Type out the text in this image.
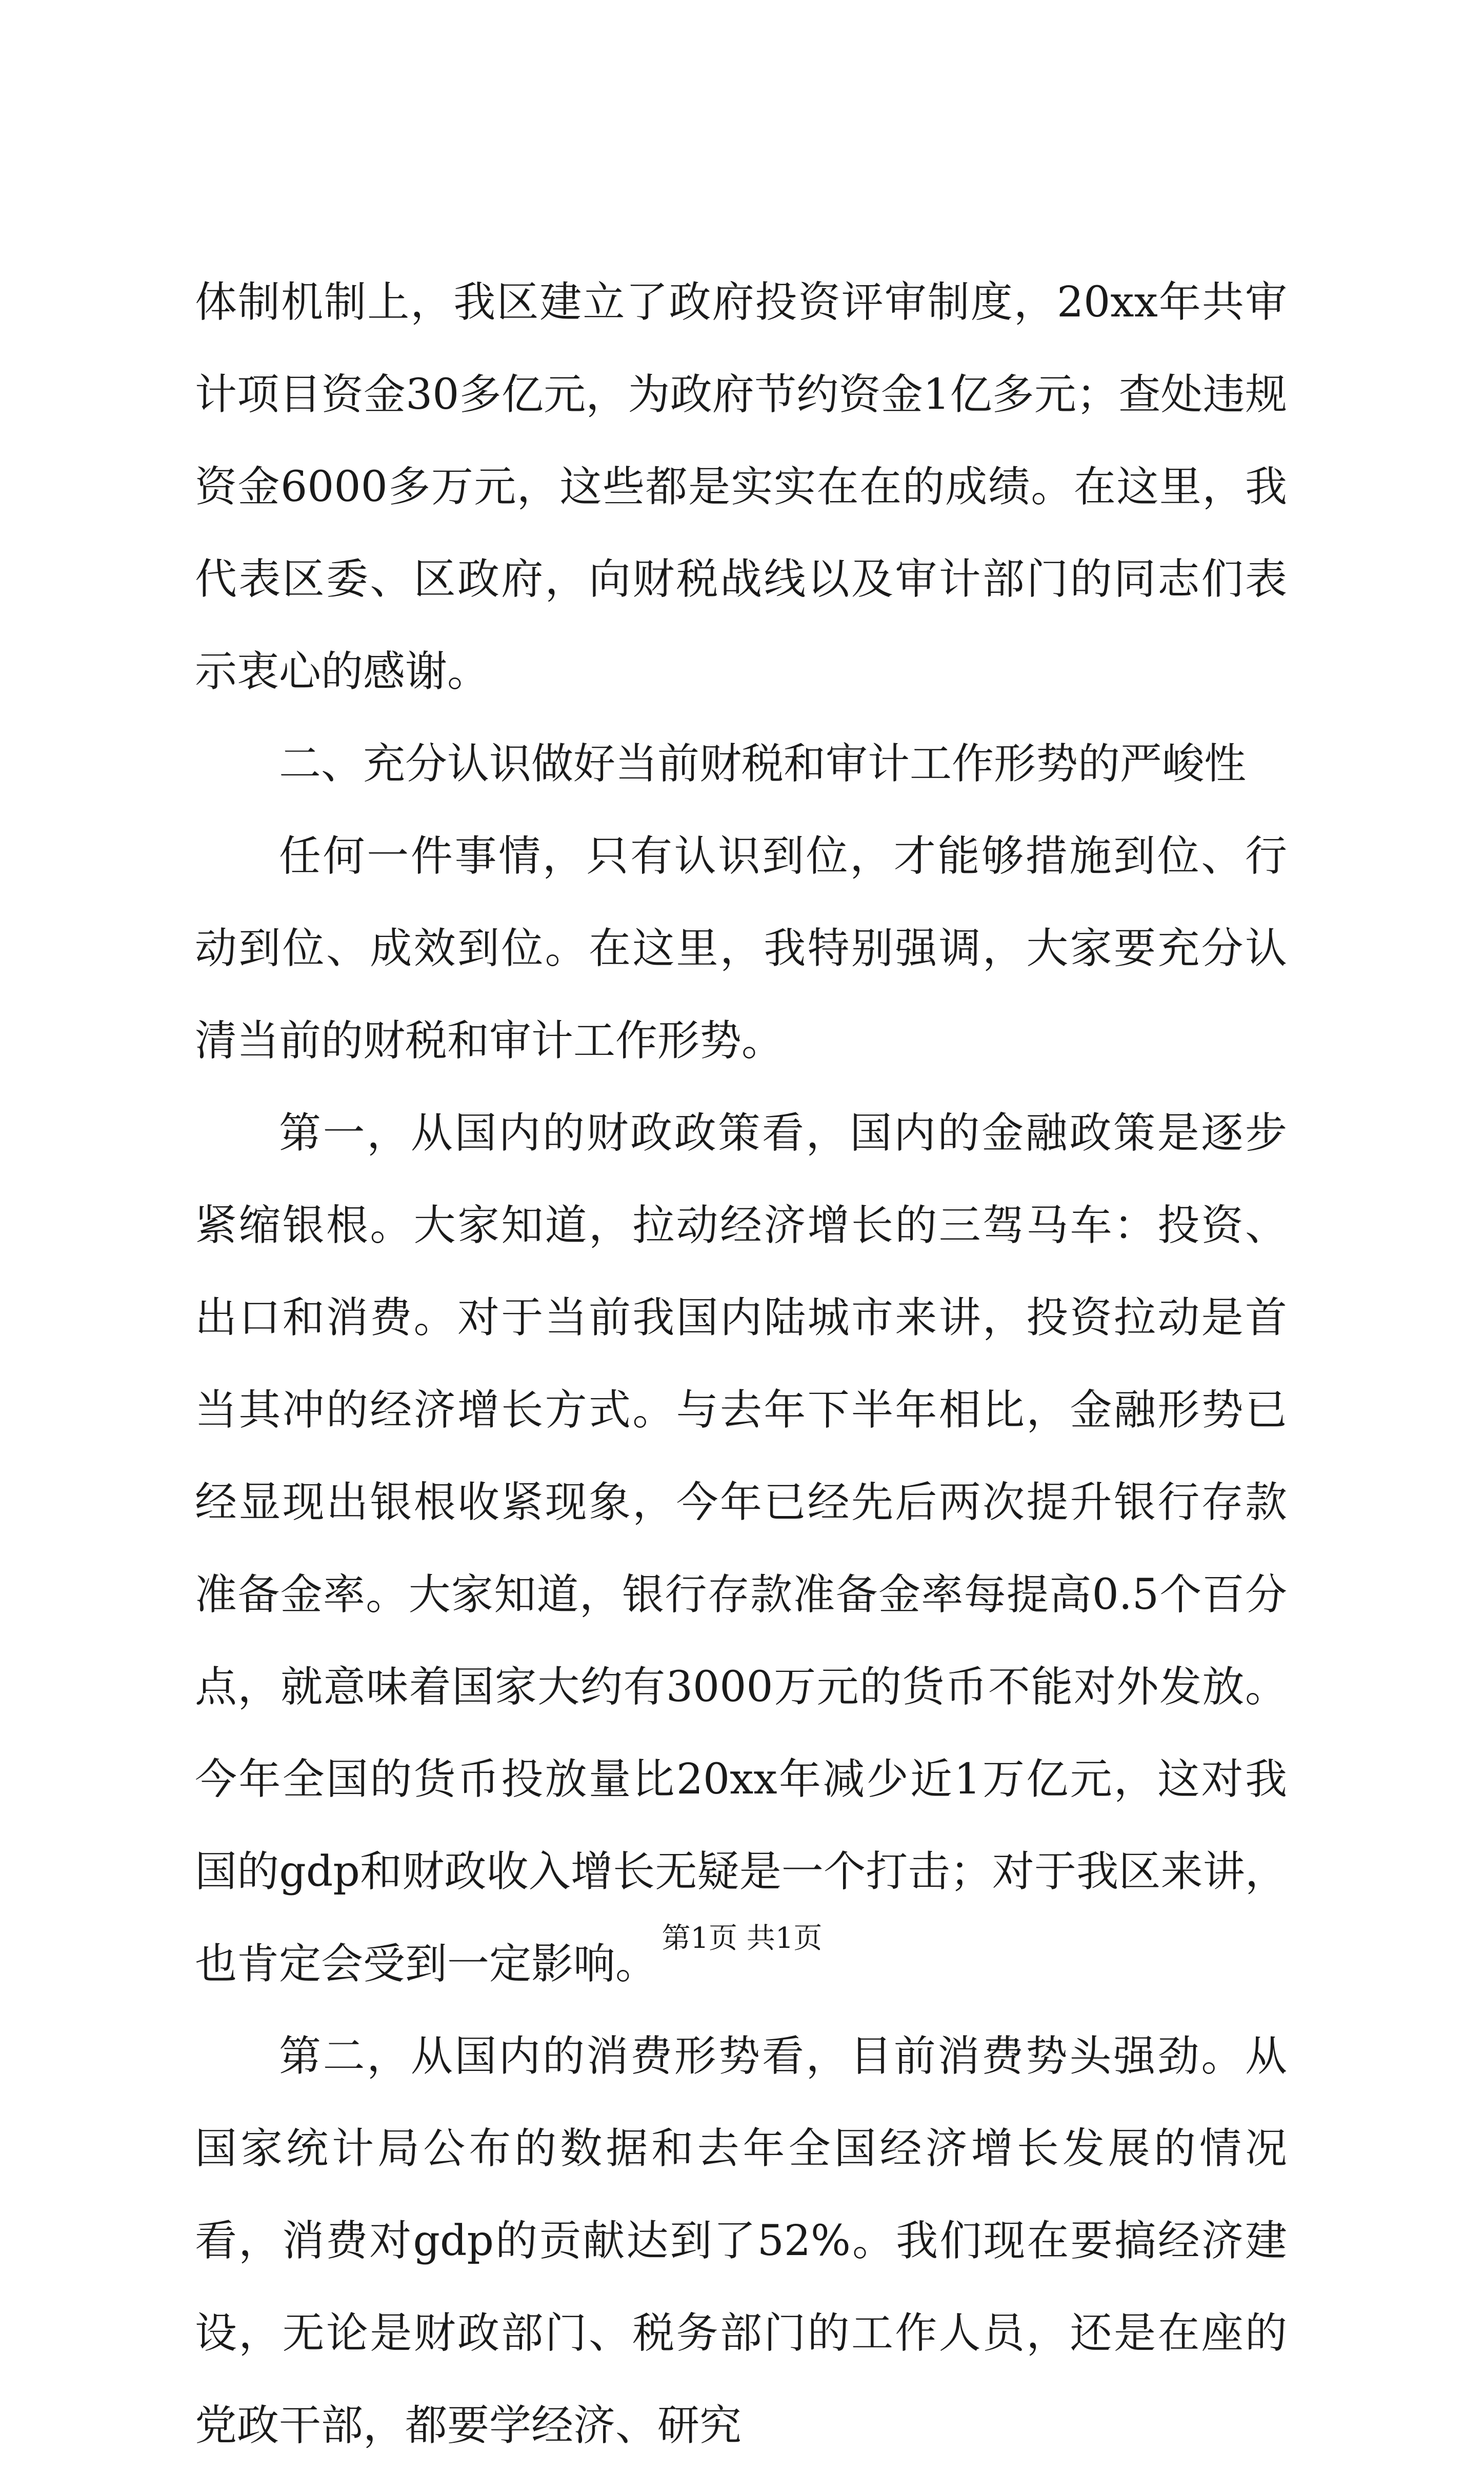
体制机制上，我区建立了政府投资评审制度，20xx年共审计项目资金30多亿元，为政府节约资金1亿多元；查处违规资金6000多万元，这些都是实实在在的成绩。在这里，我代表区委、区政府，向财税战线以及审计部门的同志们表示衷心的感谢。

二、充分认识做好当前财税和审计工作形势的严峻性

任何一件事情，只有认识到位，才能够措施到位、行动到位、成效到位。在这里，我特别强调，大家要充分认清当前的财税和审计工作形势。

第一，从国内的财政政策看，国内的金融政策是逐步紧缩银根。大家知道，拉动经济增长的三驾马车：投资、出口和消费。对于当前我国内陆城市来讲，投资拉动是首当其冲的经济增长方式。与去年下半年相比，金融形势已经显现出银根收紧现象，今年已经先后两次提升银行存款准备金率。大家知道，银行存款准备金率每提高0.5个百分点，就意味着国家大约有3000万元的货币不能对外发放。今年全国的货币投放量比20xx年减少近1万亿元，这对我国的gdp和财政收入增长无疑是一个打击；对于我区来讲，也肯定会受到一定影响。

第二，从国内的消费形势看，目前消费势头强劲。从国家统计局公布的数据和去年全国经济增长发展的情况看，消费对gdp的贡献达到了52%。我们现在要搞经济建设，无论是财政部门、税务部门的工作人员，还是在座的党政干部，都要学经济、研究

第1页 共1页
